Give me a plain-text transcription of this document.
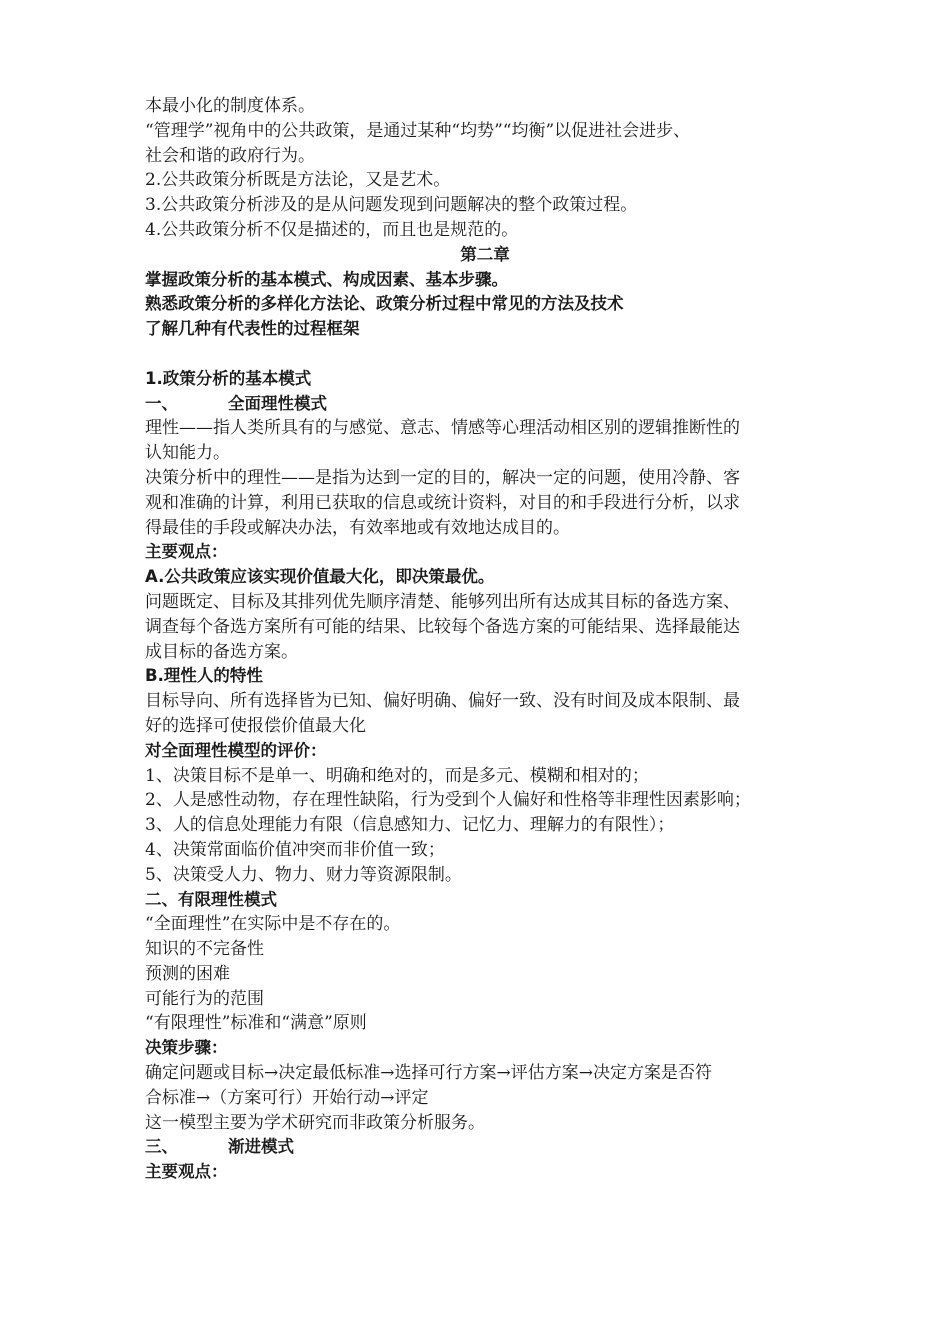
本最小化的制度体系。

“管理学”视角中的公共政策，是通过某种“均势”“均衡”以促进社会进步、

社会和谐的政府行为。

2.公共政策分析既是方法论，又是艺术。

3.公共政策分析涉及的是从问题发现到问题解决的整个政策过程。

4.公共政策分析不仅是描述的，而且也是规范的。

第二章

掌握政策分析的基本模式、构成因素、基本步骤。

熟悉政策分析的多样化方法论、政策分析过程中常见的方法及技术

了解几种有代表性的过程框架

1.政策分析的基本模式

一、	全面理性模式

理性——指人类所具有的与感觉、意志、情感等心理活动相区别的逻辑推断性的

认知能力。

决策分析中的理性——是指为达到一定的目的，解决一定的问题，使用冷静、客

观和准确的计算，利用已获取的信息或统计资料，对目的和手段进行分析，以求

得最佳的手段或解决办法，有效率地或有效地达成目的。

主要观点：

A.公共政策应该实现价值最大化，即决策最优。

问题既定、目标及其排列优先顺序清楚、能够列出所有达成其目标的备选方案、

调查每个备选方案所有可能的结果、比较每个备选方案的可能结果、选择最能达

成目标的备选方案。

B.理性人的特性

目标导向、所有选择皆为已知、偏好明确、偏好一致、没有时间及成本限制、最

好的选择可使报偿价值最大化

对全面理性模型的评价：

1、决策目标不是单一、明确和绝对的，而是多元、模糊和相对的；

2、人是感性动物，存在理性缺陷，行为受到个人偏好和性格等非理性因素影响；

3、人的信息处理能力有限（信息感知力、记忆力、理解力的有限性）；

4、决策常面临价值冲突而非价值一致；

5、决策受人力、物力、财力等资源限制。

二、有限理性模式

“全面理性”在实际中是不存在的。

知识的不完备性

预测的困难

可能行为的范围

“有限理性”标准和“满意”原则

决策步骤：

确定问题或目标→决定最低标准→选择可行方案→评估方案→决定方案是否符

合标准→（方案可行）开始行动→评定

这一模型主要为学术研究而非政策分析服务。

三、	渐进模式

主要观点：
